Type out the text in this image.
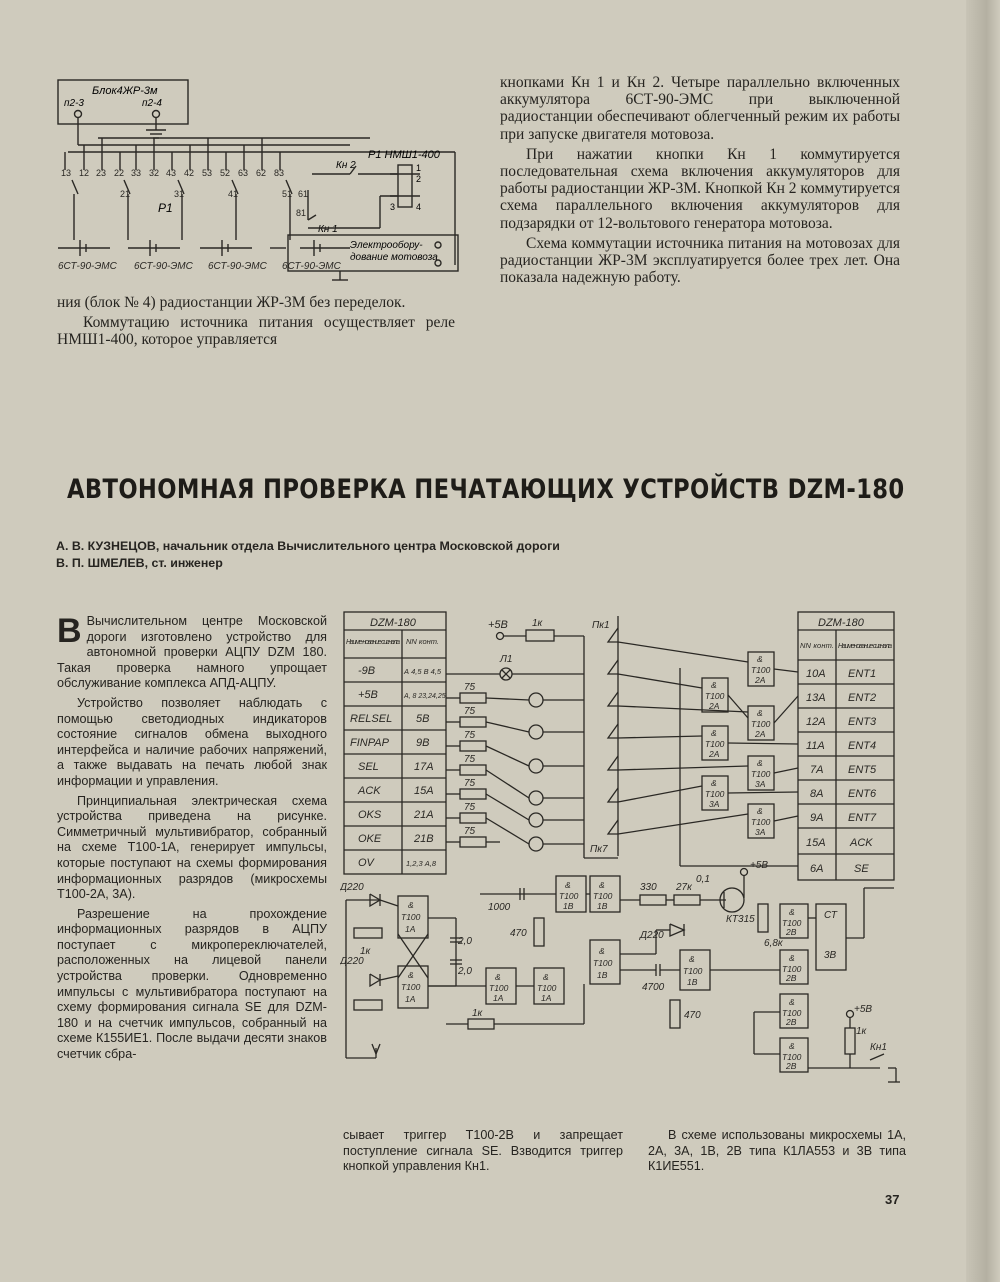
Блок4ЖР-3м
п2-3	п2-4
13 12 23 22 33 32 43 42 53 52 63 62 83
21	31	41	51 61
81
Р1
Р1 НМШ1-400
1
2
3 4
Кн 2
Кн 1
Электрообору-
дование мотовоза
6СТ-90-ЭМС 6СТ-90-ЭМС 6СТ-90-ЭМС 6СТ-90-ЭМС

ния (блок № 4) радиостанции ЖР-3М без переделок.

Коммутацию источника питания осуществляет реле НМШ1-400, которое управляется

кнопками Кн 1 и Кн 2. Четыре параллельно включенных аккумулятора 6СТ-90-ЭМС при выключенной радиостанции обеспечивают облегченный режим их работы при запуске двигателя мотовоза.

При нажатии кнопки Кн 1 коммутируется последовательная схема включения аккумуляторов для работы радиостанции ЖР-3М. Кнопкой Кн 2 коммутируется схема параллельного включения аккумуляторов для подзарядки от 12-вольтового генератора мотовоза.

Схема коммутации источника питания на мотовозах для радиостанции ЖР-3М эксплуатируется более трех лет. Она показала надежную работу.

АВТОНОМНАЯ ПРОВЕРКА ПЕЧАТАЮЩИХ УСТРОЙСТВ DZM-180
А. В. КУЗНЕЦОВ, начальник отдела Вычислительного центра Московской дороги
В. П. ШМЕЛЕВ, ст. инженер

В Вычислительном центре Московской дороги изготовлено устройство для автономной проверки АЦПУ DZM 180. Такая проверка намного упрощает обслуживание комплекса АПД-АЦПУ.

Устройство позволяет наблюдать с помощью светодиодных индикаторов состояние сигналов обмена выходного интерфейса и наличие рабочих напряжений, а также выдавать на печать любой знак информации и управления.

Принципиальная электрическая схема устройства приведена на рисунке. Симметричный мультивибратор, собранный на схеме Т100-1А, генерирует импульсы, которые поступают на схемы формирования информационных разрядов (микросхемы Т100-2А, 3А).

Разрешение на прохождение информационных разрядов в АЦПУ поступает с микропереключателей, расположенных на лицевой панели устройства проверки. Одновременно импульсы с мультивибратора поступают на схему формирования сигнала SE для DZM-180 и на счетчик импульсов, собранный на схеме К155ИЕ1. После выдачи десяти знаков счетчик сбра-

DZM-180
Наиме-нование сигнала NN конт.
-9В	А 4,5 В 4,5
+5В	А, 8 23,24,25
RELSEL 5В
FINPAP 9В
SEL	17А
ACK	15А
OKS	21А
OKE	21В
OV	1,2,3 А,8
DZM-180
NN конт. Наименование сигнала
10А ENT1
13А ENT2
12А ENT3
11А ENT4
7А ENT5
8А ENT6
9А ENT7
15А ACK
6А	SE
+5В 1к	Пк1
Пк7
Л1
75
75
75
75
75
75
75
&
Т100
2А
&
Т100
2А
&
Т100
2А
&
Т100
2А
&
Т100
3А
&
Т100
3А
&
Т100
3А
Д220
Д220
1к
2,0
2,0
1000
470
330 27к
0,1
КТ315
+5В
6,8к
Д220
4700
470
1к
СТ
3В
+5В
1к
Кн1
&
Т100
1А
&
Т100
1А
&
Т100
1А
&
Т100
1А
&
Т100
1В
&
Т100
1В
&
Т100
1В
&
Т100
1В
&
Т100
2В
&
Т100
2В
&
Т100
2В
&
Т100
2В

сывает триггер Т100-2В и запрещает поступление сигнала SE. Взводится триггер кнопкой управления Кн1.

В схеме использованы микросхемы 1А, 2А, 3А, 1В, 2В типа К1ЛА553 и 3В типа К1ИЕ551.

37
